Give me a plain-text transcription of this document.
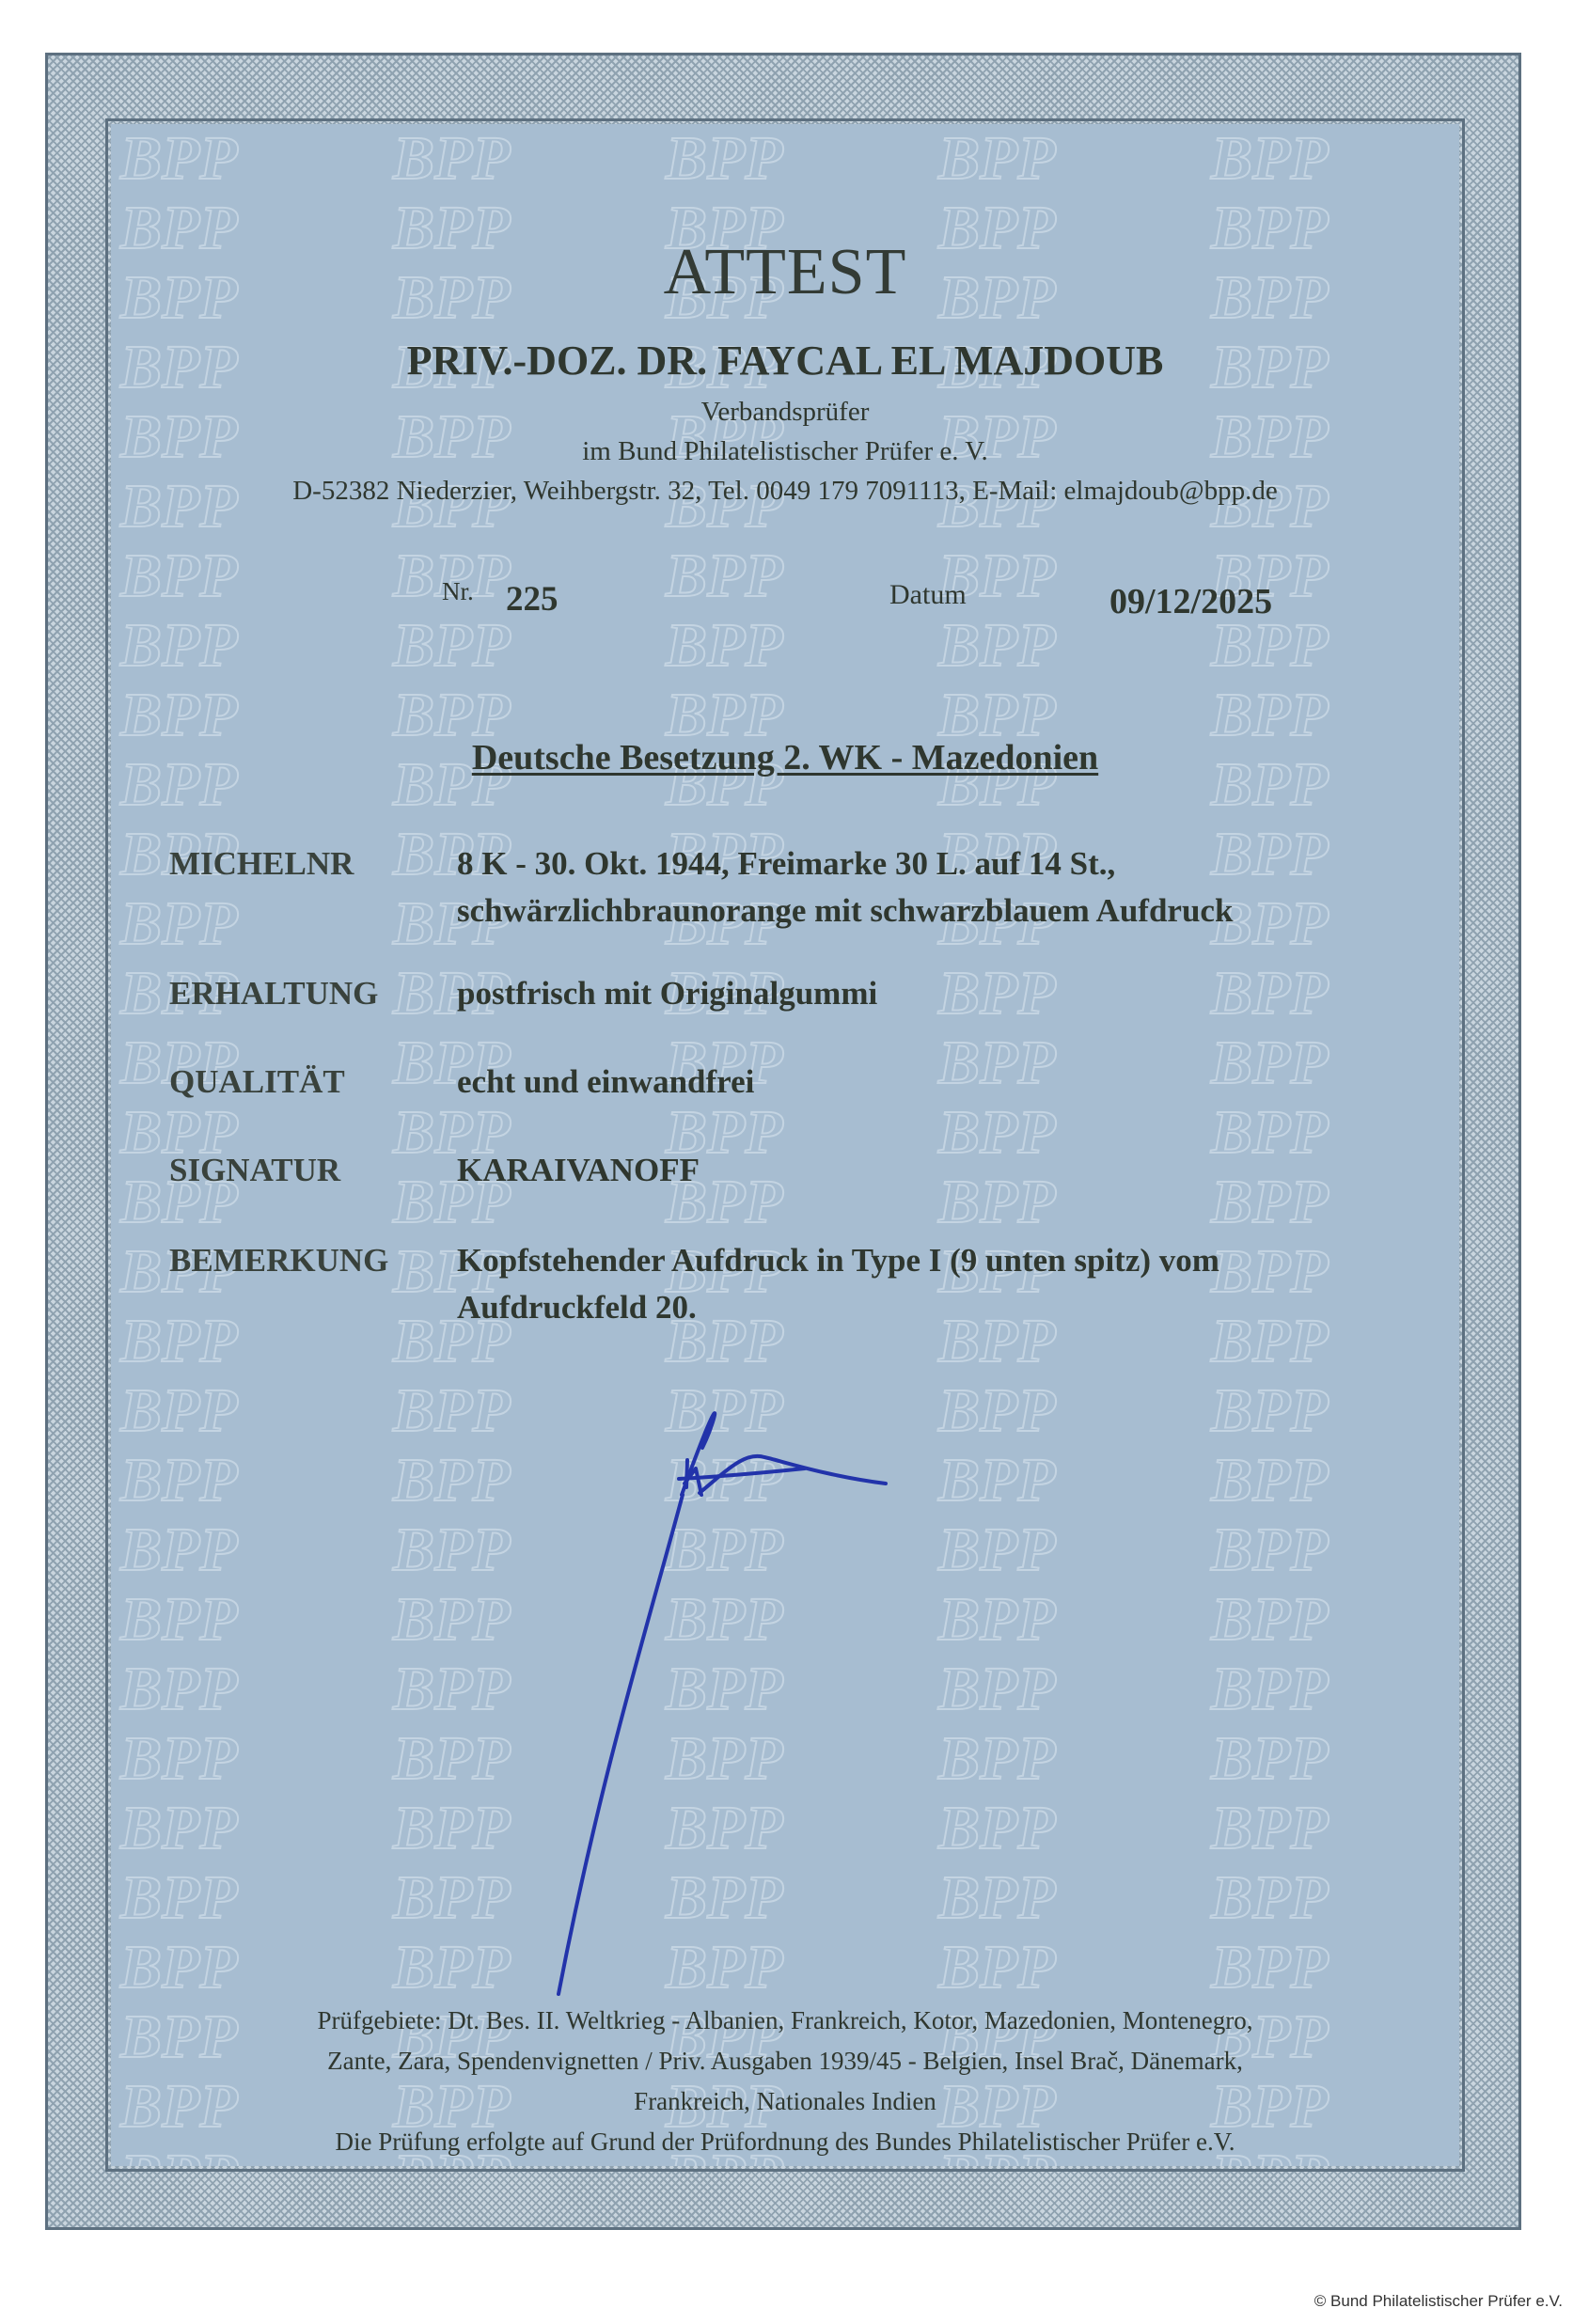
ATTEST
PRIV.-DOZ. DR. FAYCAL EL MAJDOUB
Verbandsprüfer
im Bund Philatelistischer Prüfer e. V.
D-52382 Niederzier, Weihbergstr. 32, Tel. 0049 179 7091113, E-Mail: elmajdoub@bpp.de
Nr. 225	Datum	09/12/2025
Deutsche Besetzung 2. WK - Mazedonien
MICHELNR	8 K - 30. Okt. 1944, Freimarke 30 L. auf 14 St.,
schwärzlichbraunorange mit schwarzblauem Aufdruck
ERHALTUNG postfrisch mit Originalgummi
QUALITÄT	echt und einwandfrei
SIGNATUR	KARAIVANOFF
BEMERKUNG Kopfstehender Aufdruck in Type I (9 unten spitz) vom
Aufdruckfeld 20.
Prüfgebiete: Dt. Bes. II. Weltkrieg - Albanien, Frankreich, Kotor, Mazedonien, Montenegro,
Zante, Zara, Spendenvignetten / Priv. Ausgaben 1939/45 - Belgien, Insel Brač, Dänemark,
Frankreich, Nationales Indien
Die Prüfung erfolgte auf Grund der Prüfordnung des Bundes Philatelistischer Prüfer e.V.
© Bund Philatelistischer Prüfer e.V.
